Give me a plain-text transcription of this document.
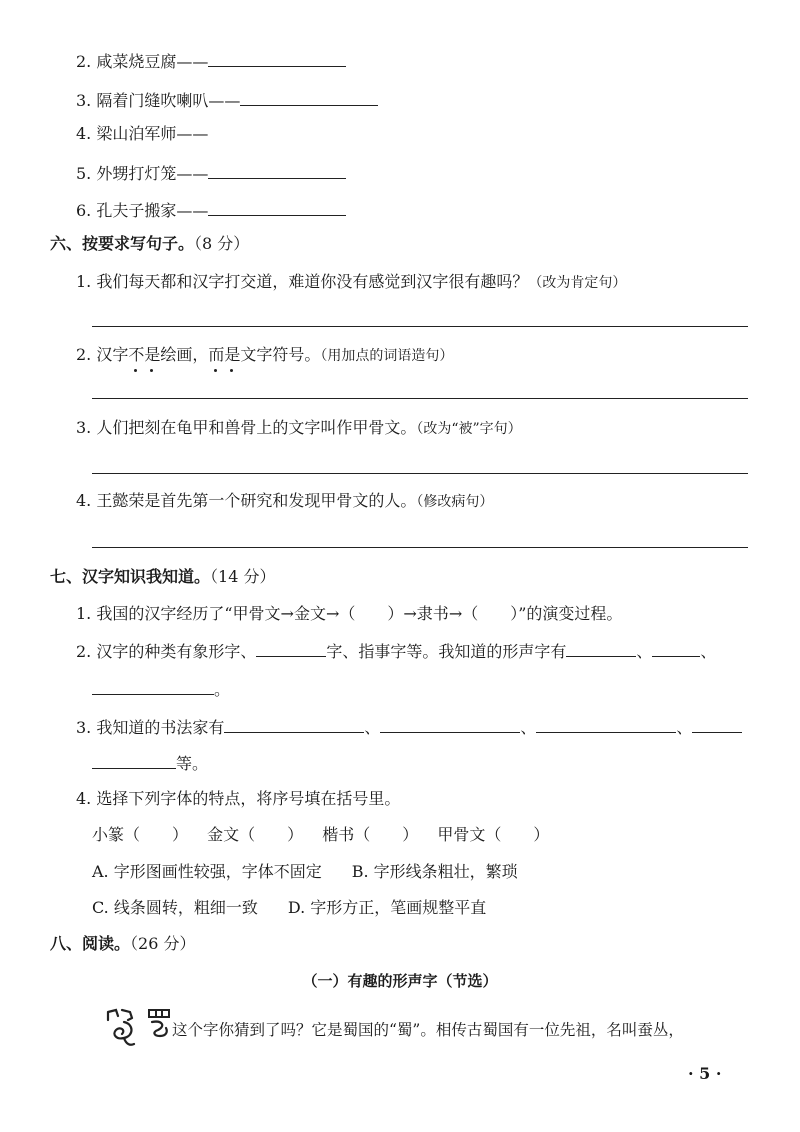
2. 咸菜烧豆腐——
3. 隔着门缝吹喇叭——
4. 梁山泊军师——
5. 外甥打灯笼——
6. 孔夫子搬家——
六、按要求写句子。（8 分）
1. 我们每天都和汉字打交道，难道你没有感觉到汉字很有趣吗？（改为肯定句）
2. 汉字不是绘画，而是文字符号。（用加点的词语造句）
3. 人们把刻在龟甲和兽骨上的文字叫作甲骨文。（改为“被”字句）
4. 王懿荣是首先第一个研究和发现甲骨文的人。（修改病句）
七、汉字知识我知道。（14 分）
1. 我国的汉字经历了“甲骨文→金文→（　　）→隶书→（　　）”的演变过程。
2. 汉字的种类有象形字、	字、指事字等。我知道的形声字有	、	、
。
3. 我知道的书法家有	、	、	、
等。
4. 选择下列字体的特点，将序号填在括号里。
小篆（　　） 金文（　　） 楷书（　　） 甲骨文（　　）
A. 字形图画性较强，字体不固定 B. 字形线条粗壮，繁琐
C. 线条圆转，粗细一致 D. 字形方正，笔画规整平直
八、阅读。（26 分）
（一）有趣的形声字（节选）
这个字你猜到了吗？它是蜀国的“蜀”。相传古蜀国有一位先祖，名叫蚕丛，
· 5 ·
